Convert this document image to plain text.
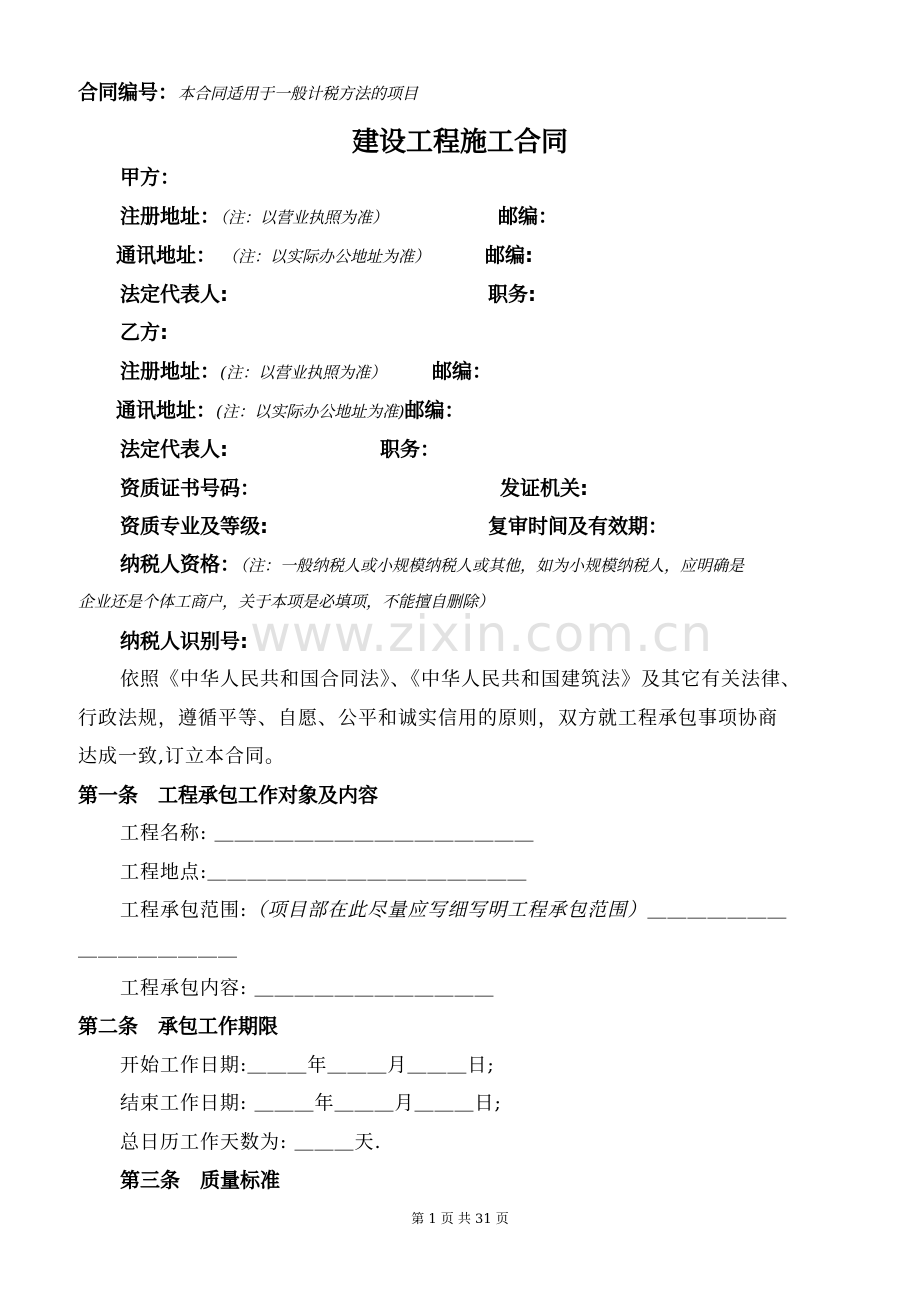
合同编号：本合同适用于一般计税方法的项目
建设工程施工合同
甲方：
注册地址：（注：以营业执照为准）	邮编：
通讯地址： （注：以实际办公地址为准）	邮编:
法定代表人:	职务:
乙方:
注册地址：(注：以营业执照为准） 邮编：
通讯地址：(注：以实际办公地址为准)邮编：
法定代表人:	职务：
资质证书号码：	发证机关:
资质专业及等级:	复审时间及有效期：
纳税人资格：（注：一般纳税人或小规模纳税人或其他，如为小规模纳税人，应明确是
企业还是个体工商户，关于本项是必填项，不能擅自删除）
纳税人识别号: www.zixin.com.cn
依照《中华人民共和国合同法》、《中华人民共和国建筑法》及其它有关法律、
行政法规，遵循平等、自愿、公平和诚实信用的原则，双方就工程承包事项协商
达成一致,订立本合同。
第一条　工程承包工作对象及内容
工程名称: ＿＿＿＿＿＿＿＿＿＿＿＿＿＿＿＿
工程地点:＿＿＿＿＿＿＿＿＿＿＿＿＿＿＿＿
工程承包范围:（项目部在此尽量应写细写明工程承包范围）＿＿＿＿＿＿＿
＿＿＿＿＿＿＿＿
工程承包内容: ＿＿＿＿＿＿＿＿＿＿＿＿
第二条　承包工作期限
开始工作日期:＿＿＿年＿＿＿月＿＿＿日;
结束工作日期: ＿＿＿年＿＿＿月＿＿＿日;
总日历工作天数为: ＿＿＿天.
第三条　质量标准
第 1 页 共 31 页
